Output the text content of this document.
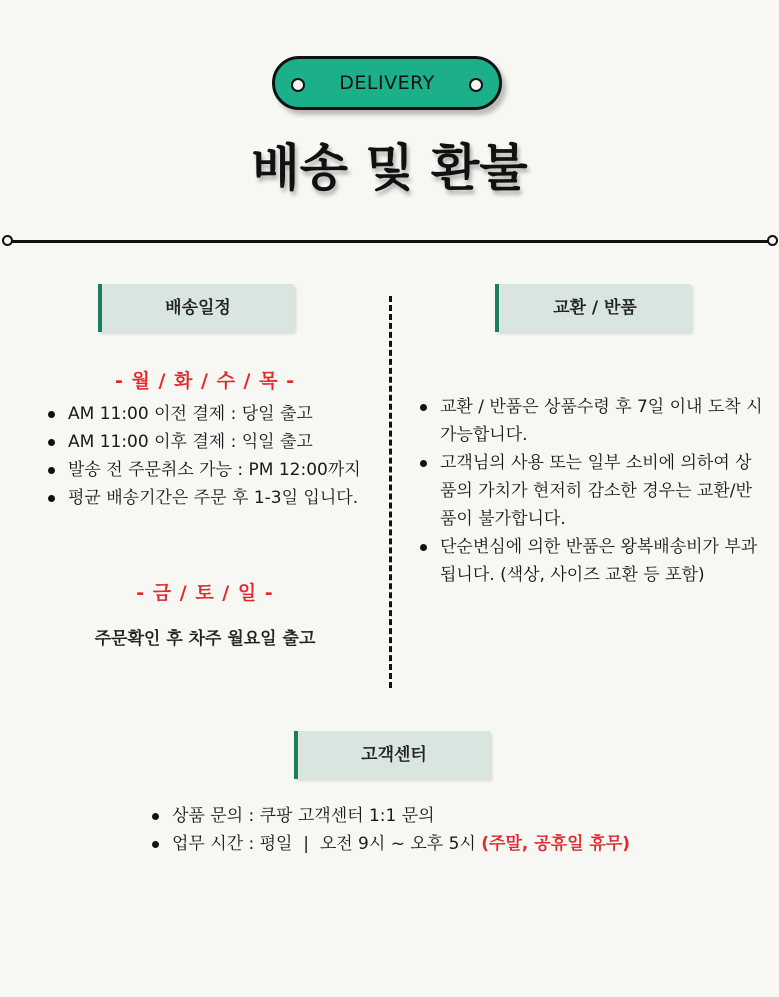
DELIVERY
배송 및 환불
배송일정
- 월 / 화 / 수 / 목 -
AM 11:00 이전 결제 : 당일 출고
AM 11:00 이후 결제 : 익일 출고
발송 전 주문취소 가능 : PM 12:00까지
평균 배송기간은 주문 후 1-3일 입니다.
- 금 / 토 / 일 -
주문확인 후 차주 월요일 출고
교환 / 반품
교환 / 반품은 상품수령 후 7일 이내 도착 시 가능합니다.
고객님의 사용 또는 일부 소비에 의하여 상품의 가치가 현저히 감소한 경우는 교환/반품이 불가합니다.
단순변심에 의한 반품은 왕복배송비가 부과됩니다. (색상, 사이즈 교환 등 포함)
고객센터
상품 문의 : 쿠팡 고객센터 1:1 문의
업무 시간 : 평일  |  오전 9시 ~ 오후 5시 (주말, 공휴일 휴무)
